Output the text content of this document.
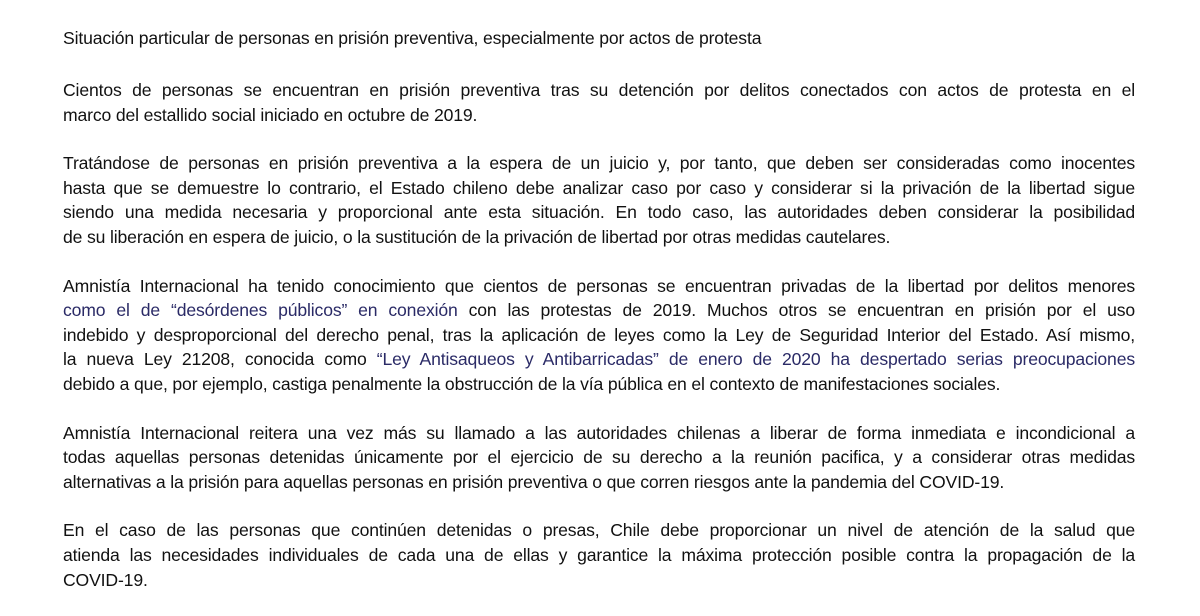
Situación particular de personas en prisión preventiva, especialmente por actos de protesta
Cientos de personas se encuentran en prisión preventiva tras su detención por delitos conectados con actos de protesta en el
marco del estallido social iniciado en octubre de 2019.
Tratándose de personas en prisión preventiva a la espera de un juicio y, por tanto, que deben ser consideradas como inocentes
hasta que se demuestre lo contrario, el Estado chileno debe analizar caso por caso y considerar si la privación de la libertad sigue
siendo una medida necesaria y proporcional ante esta situación. En todo caso, las autoridades deben considerar la posibilidad
de su liberación en espera de juicio, o la sustitución de la privación de libertad por otras medidas cautelares.
Amnistía Internacional ha tenido conocimiento que cientos de personas se encuentran privadas de la libertad por delitos menores
como el de “desórdenes públicos” en conexión con las protestas de 2019. Muchos otros se encuentran en prisión por el uso
indebido y desproporcional del derecho penal, tras la aplicación de leyes como la Ley de Seguridad Interior del Estado. Así mismo,
la nueva Ley 21208, conocida como “Ley Antisaqueos y Antibarricadas” de enero de 2020 ha despertado serias preocupaciones
debido a que, por ejemplo, castiga penalmente la obstrucción de la vía pública en el contexto de manifestaciones sociales.
Amnistía Internacional reitera una vez más su llamado a las autoridades chilenas a liberar de forma inmediata e incondicional a
todas aquellas personas detenidas únicamente por el ejercicio de su derecho a la reunión pacifica, y a considerar otras medidas
alternativas a la prisión para aquellas personas en prisión preventiva o que corren riesgos ante la pandemia del COVID-19.
En el caso de las personas que continúen detenidas o presas, Chile debe proporcionar un nivel de atención de la salud que
atienda las necesidades individuales de cada una de ellas y garantice la máxima protección posible contra la propagación de la
COVID-19.
